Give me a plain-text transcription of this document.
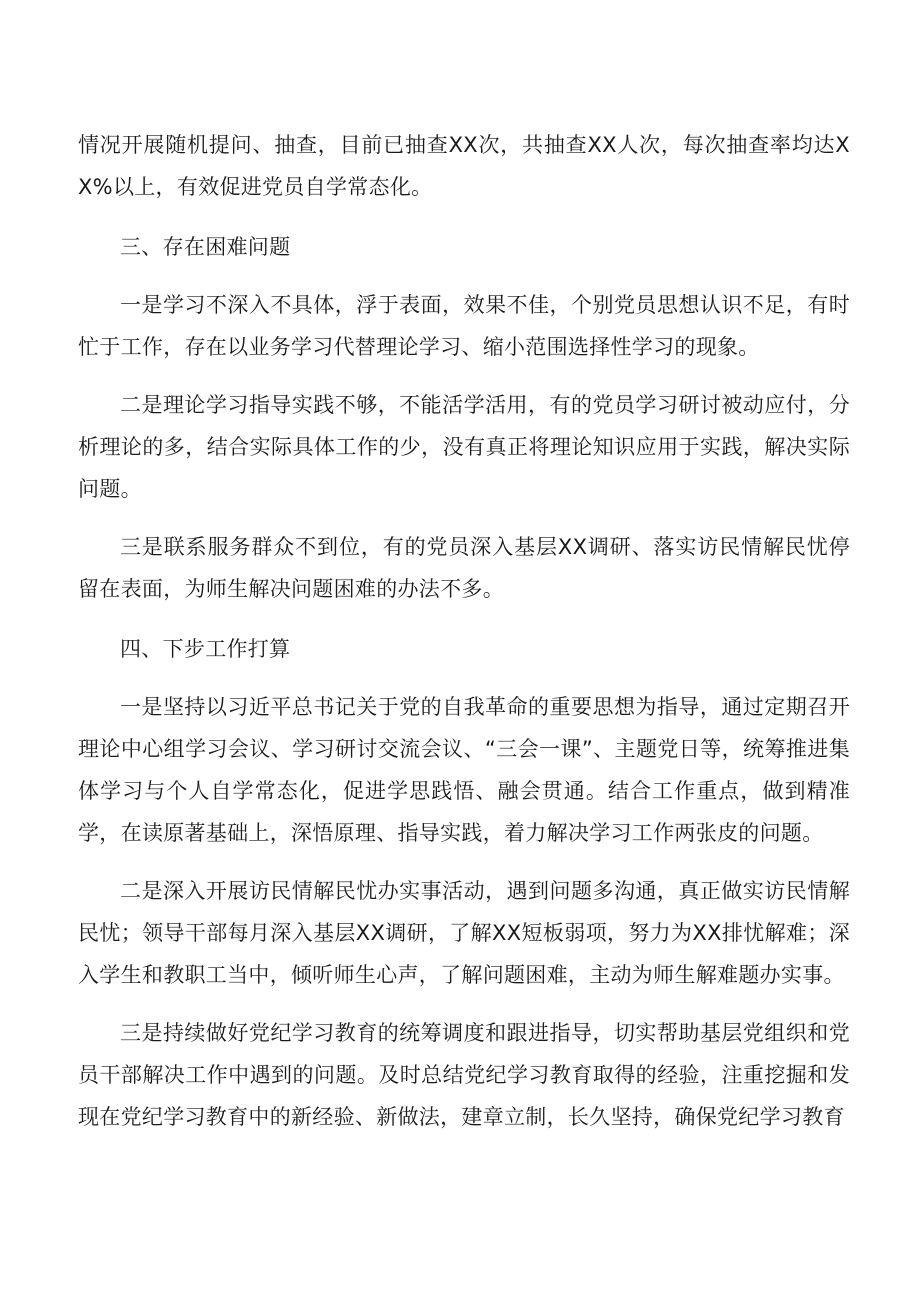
情况开展随机提问、抽查，目前已抽查XX次，共抽查XX人次，每次抽查率均达XX%以上，有效促进党员自学常态化。

三、存在困难问题

一是学习不深入不具体，浮于表面，效果不佳，个别党员思想认识不足，有时忙于工作，存在以业务学习代替理论学习、缩小范围选择性学习的现象。

二是理论学习指导实践不够，不能活学活用，有的党员学习研讨被动应付，分析理论的多，结合实际具体工作的少，没有真正将理论知识应用于实践，解决实际问题。

三是联系服务群众不到位，有的党员深入基层XX调研、落实访民情解民忧停留在表面，为师生解决问题困难的办法不多。

四、下步工作打算

一是坚持以习近平总书记关于党的自我革命的重要思想为指导，通过定期召开理论中心组学习会议、学习研讨交流会议、“三会一课”、主题党日等，统筹推进集体学习与个人自学常态化，促进学思践悟、融会贯通。结合工作重点，做到精准学，在读原著基础上，深悟原理、指导实践，着力解决学习工作两张皮的问题。

二是深入开展访民情解民忧办实事活动，遇到问题多沟通，真正做实访民情解民忧；领导干部每月深入基层XX调研，了解XX短板弱项，努力为XX排忧解难；深入学生和教职工当中，倾听师生心声，了解问题困难，主动为师生解难题办实事。

三是持续做好党纪学习教育的统筹调度和跟进指导，切实帮助基层党组织和党员干部解决工作中遇到的问题。及时总结党纪学习教育取得的经验，注重挖掘和发现在党纪学习教育中的新经验、新做法，建章立制，长久坚持，确保党纪学习教育
